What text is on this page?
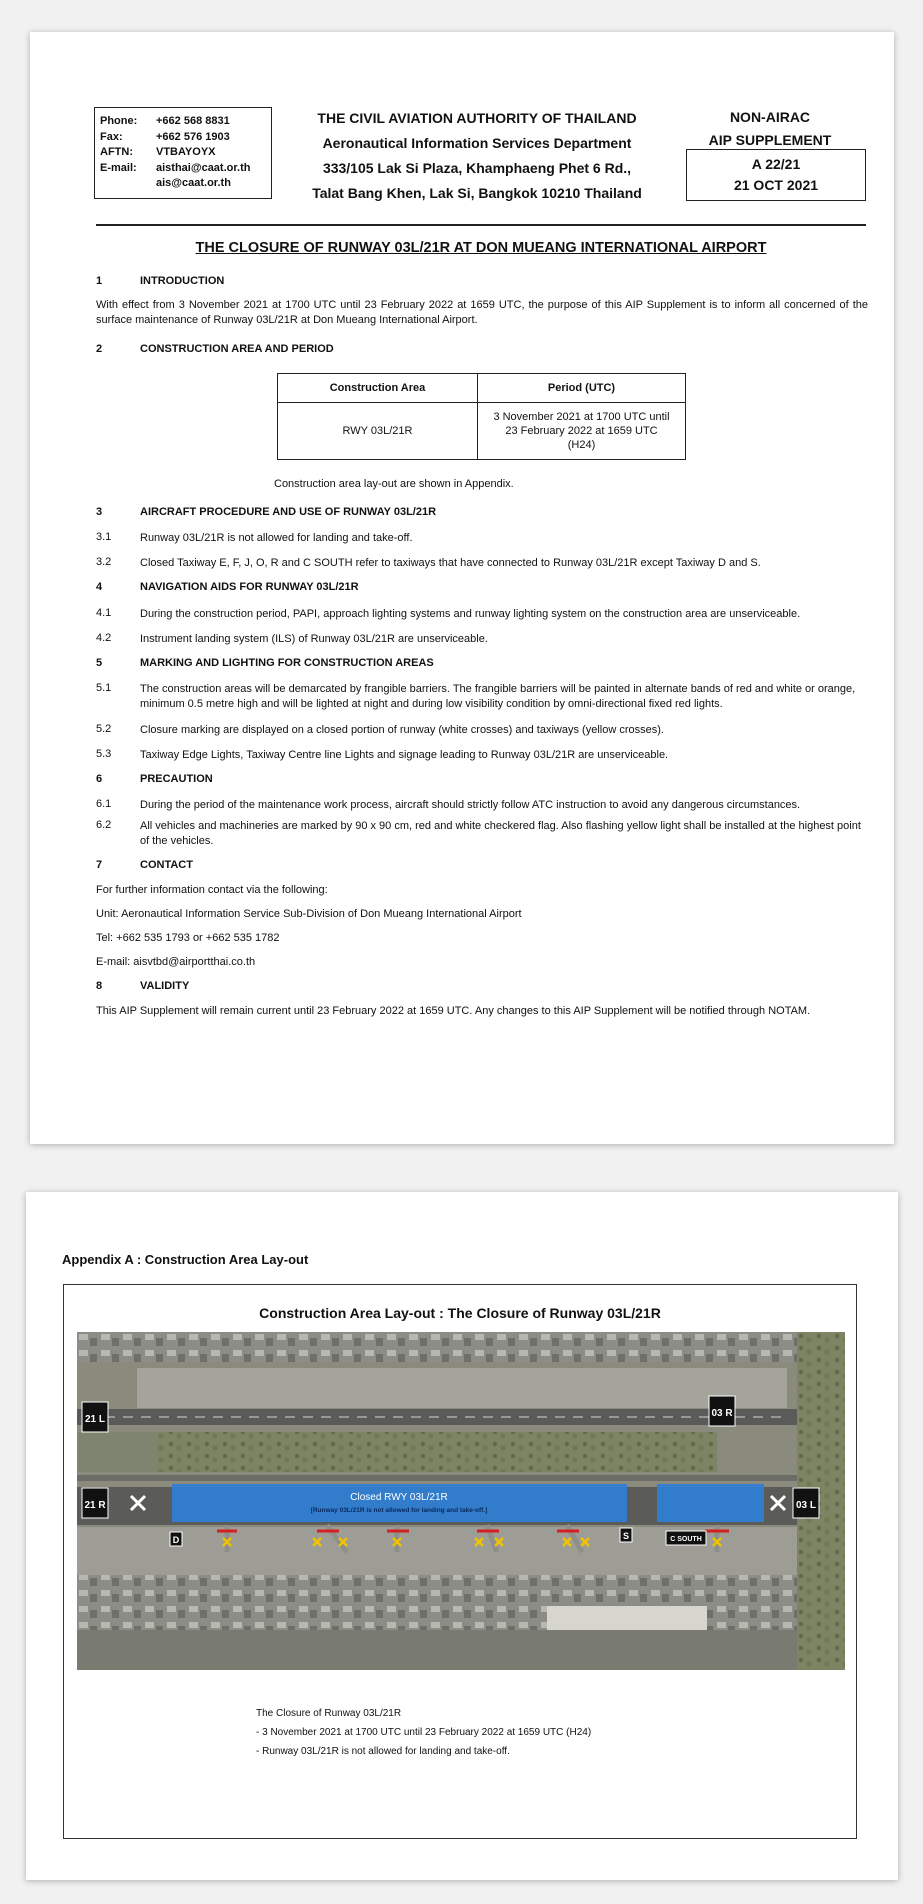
Phone:	+662 568 8831
Fax:	+662 576 1903
AFTN:	VTBAYOYX
E-mail:	aisthai@caat.or.th
ais@caat.or.th
THE CIVIL AVIATION AUTHORITY OF THAILAND
Aeronautical Information Services Department
333/105 Lak Si Plaza, Khamphaeng Phet 6 Rd.,
Talat Bang Khen, Lak Si, Bangkok 10210 Thailand
NON-AIRAC
AIP SUPPLEMENT
A 22/21
21 OCT 2021
THE CLOSURE OF RUNWAY 03L/21R AT DON MUEANG INTERNATIONAL AIRPORT
1	INTRODUCTION
With effect from 3 November 2021 at 1700 UTC until 23 February 2022 at 1659 UTC, the purpose of this AIP Supplement is to inform all concerned of the surface maintenance of Runway 03L/21R at Don Mueang International Airport.
2	CONSTRUCTION AREA AND PERIOD
Construction Area	Period (UTC)
RWY 03L/21R	3 November 2021 at 1700 UTC until
23 February 2022 at 1659 UTC
(H24)
Construction area lay-out are shown in Appendix.
3	AIRCRAFT PROCEDURE AND USE OF RUNWAY 03L/21R
3.1	Runway 03L/21R is not allowed for landing and take-off.
3.2	Closed Taxiway E, F, J, O, R and C SOUTH refer to taxiways that have connected to Runway 03L/21R except Taxiway D and S.
4	NAVIGATION AIDS FOR RUNWAY 03L/21R
4.1	During the construction period, PAPI, approach lighting systems and runway lighting system on the construction area are unserviceable.
4.2	Instrument landing system (ILS) of Runway 03L/21R are unserviceable.
5	MARKING AND LIGHTING FOR CONSTRUCTION AREAS
5.1	The construction areas will be demarcated by frangible barriers. The frangible barriers will be painted in alternate bands of red and white or orange, minimum 0.5 metre high and will be lighted at night and during low visibility condition by omni-directional fixed red lights.
5.2	Closure marking are displayed on a closed portion of runway (white crosses) and taxiways (yellow crosses).
5.3	Taxiway Edge Lights, Taxiway Centre line Lights and signage leading to Runway 03L/21R are unserviceable.
6	PRECAUTION
6.1	During the period of the maintenance work process, aircraft should strictly follow ATC instruction to avoid any dangerous circumstances.
6.2	All vehicles and machineries are marked by 90 x 90 cm, red and white checkered flag. Also flashing yellow light shall be installed at the highest point of the vehicles.
7	CONTACT
For further information contact via the following:
Unit: Aeronautical Information Service Sub-Division of Don Mueang International Airport
Tel: +662 535 1793 or +662 535 1782
E-mail: aisvtbd@airportthai.co.th
8	VALIDITY
This AIP Supplement will remain current until 23 February 2022 at 1659 UTC. Any changes to this AIP Supplement will be notified through NOTAM.
Appendix A : Construction Area Lay-out
Construction Area Lay-out : The Closure of Runway 03L/21R
Closed RWY 03L/21R
[Runway 03L/21R is not allowed for landing and take-off.]
21 L
03 R
21 R	03 L
D	S	C SOUTH
The Closure of Runway 03L/21R
- 3 November 2021 at 1700 UTC until 23 February 2022 at 1659 UTC (H24)
- Runway 03L/21R is not allowed for landing and take-off.
